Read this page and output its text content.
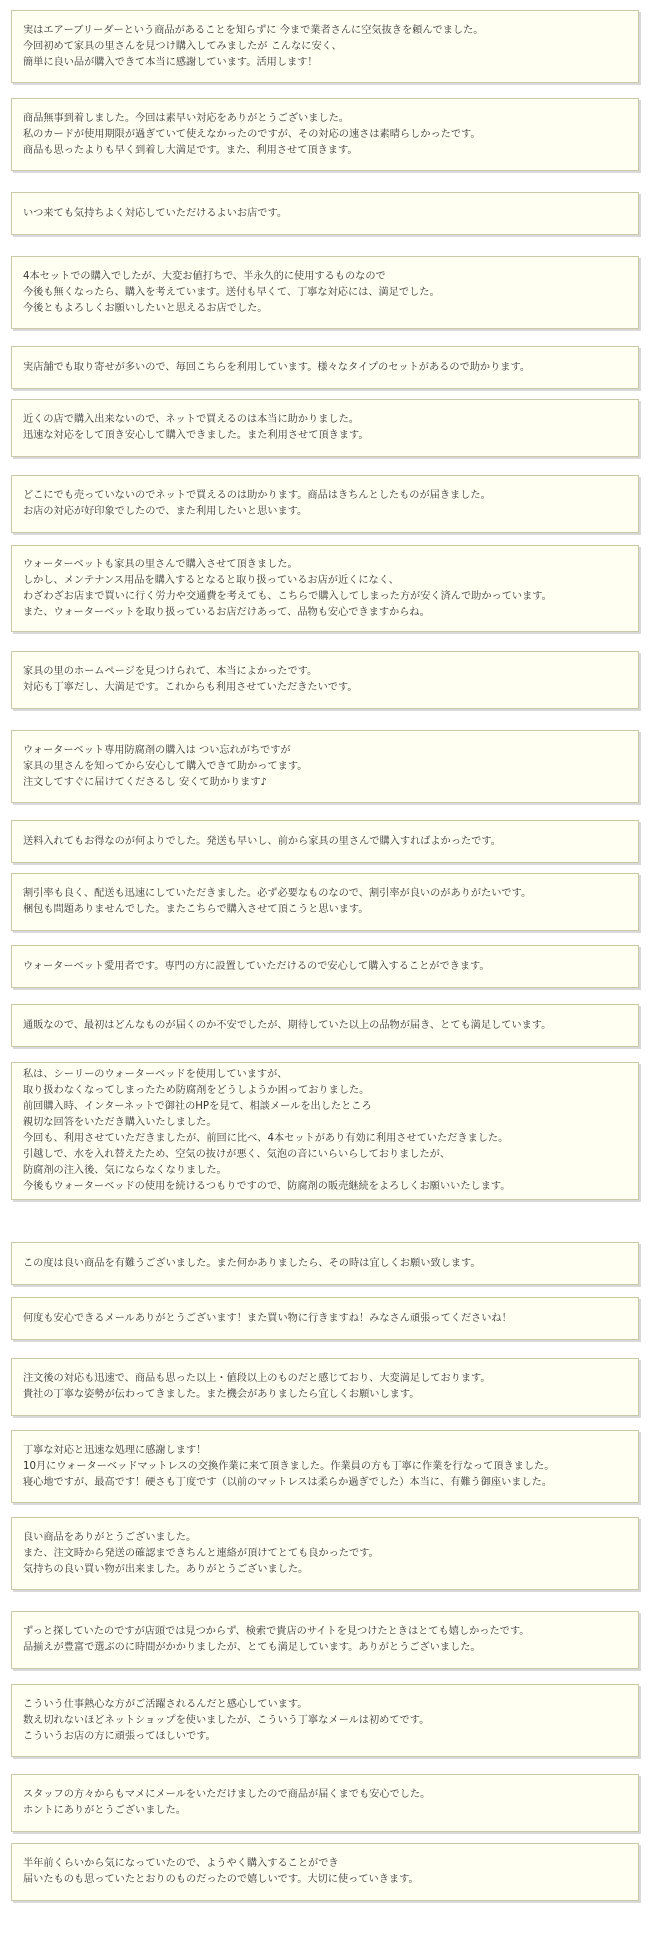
実はエアーブリーダーという商品があることを知らずに 今まで業者さんに空気抜きを頼んでました。
今回初めて家具の里さんを見つけ購入してみましたが こんなに安く、
簡単に良い品が購入できて本当に感謝しています。活用します！
商品無事到着しました。今回は素早い対応をありがとうございました。
私のカードが使用期限が過ぎていて使えなかったのですが、その対応の速さは素晴らしかったです。
商品も思ったよりも早く到着し大満足です。また、利用させて頂きます。
いつ来ても気持ちよく対応していただけるよいお店です。
4本セットでの購入でしたが、大変お値打ちで、半永久的に使用するものなので
今後も無くなったら、購入を考えています。送付も早くて、丁寧な対応には、満足でした。
今後ともよろしくお願いしたいと思えるお店でした。
実店舗でも取り寄せが多いので、毎回こちらを利用しています。様々なタイプのセットがあるので助かります。
近くの店で購入出来ないので、ネットで買えるのは本当に助かりました。
迅速な対応をして頂き安心して購入できました。また利用させて頂きます。
どこにでも売っていないのでネットで買えるのは助かります。商品はきちんとしたものが届きました。
お店の対応が好印象でしたので、また利用したいと思います。
ウォーターベットも家具の里さんで購入させて頂きました。
しかし、メンテナンス用品を購入するとなると取り扱っているお店が近くになく、
わざわざお店まで買いに行く労力や交通費を考えても、こちらで購入してしまった方が安く済んで助かっています。
また、ウォーターベットを取り扱っているお店だけあって、品物も安心できますからね。
家具の里のホームページを見つけられて、本当によかったです。
対応も丁寧だし、大満足です。これからも利用させていただきたいです。
ウォーターベット専用防腐剤の購入は つい忘れがちですが
家具の里さんを知ってから安心して購入できて助かってます。
注文してすぐに届けてくださるし 安くて助かります♪
送料入れてもお得なのが何よりでした。発送も早いし、前から家具の里さんで購入すればよかったです。
割引率も良く、配送も迅速にしていただきました。必ず必要なものなので、割引率が良いのがありがたいです。
梱包も問題ありませんでした。またこちらで購入させて頂こうと思います。
ウォーターベット愛用者です。専門の方に設置していただけるので安心して購入することができます。
通販なので、最初はどんなものが届くのか不安でしたが、期待していた以上の品物が届き、とても満足しています。
私は、シーリーのウォーターベッドを使用していますが、
取り扱わなくなってしまったため防腐剤をどうしようか困っておりました。
前回購入時、インターネットで御社のHPを見て、相談メールを出したところ
親切な回答をいただき購入いたしました。
今回も、利用させていただきましたが、前回に比べ、4本セットがあり有効に利用させていただきました。
引越しで、水を入れ替えたため、空気の抜けが悪く、気泡の音にいらいらしておりましたが、
防腐剤の注入後、気にならなくなりました。
今後もウォーターベッドの使用を続けるつもりですので、防腐剤の販売継続をよろしくお願いいたします。
この度は良い商品を有難うございました。また何かありましたら、その時は宜しくお願い致します。
何度も安心できるメールありがとうございます！また買い物に行きますね！みなさん頑張ってくださいね！
注文後の対応も迅速で、商品も思った以上・値段以上のものだと感じており、大変満足しております。
貴社の丁寧な姿勢が伝わってきました。また機会がありましたら宜しくお願いします。
丁寧な対応と迅速な処理に感謝します！
10月にウォーターベッドマットレスの交換作業に来て頂きました。作業員の方も丁寧に作業を行なって頂きました。
寝心地ですが、最高です！硬さも丁度です（以前のマットレスは柔らか過ぎでした）本当に、有難う御座いました。
良い商品をありがとうございました。
また、注文時から発送の確認まできちんと連絡が頂けてとても良かったです。
気持ちの良い買い物が出来ました。ありがとうございました。
ずっと探していたのですが店頭では見つからず、検索で貴店のサイトを見つけたときはとても嬉しかったです。
品揃えが豊富で選ぶのに時間がかかりましたが、とても満足しています。ありがとうございました。
こういう仕事熱心な方がご活躍されるんだと感心しています。
数え切れないほどネットショップを使いましたが、こういう丁寧なメールは初めてです。
こういうお店の方に頑張ってほしいです。
スタッフの方々からもマメにメールをいただけましたので商品が届くまでも安心でした。
ホントにありがとうございました。
半年前くらいから気になっていたので、ようやく購入することができ
届いたものも思っていたとおりのものだったので嬉しいです。大切に使っていきます。
